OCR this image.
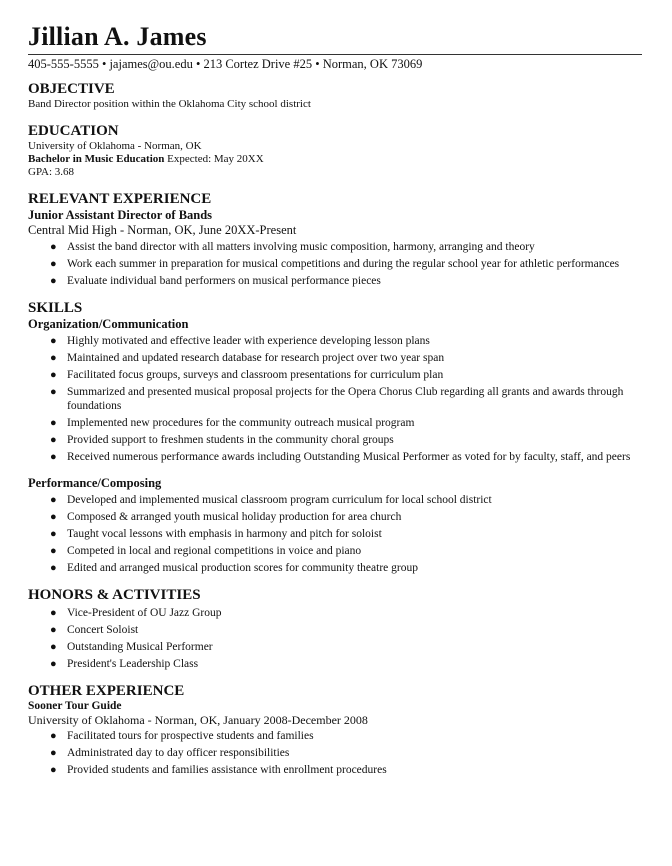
Jillian A. James
405-555-5555 • jajames@ou.edu • 213 Cortez Drive #25 • Norman, OK 73069
OBJECTIVE
Band Director position within the Oklahoma City school district
EDUCATION
University of Oklahoma - Norman, OK
Bachelor in Music Education Expected: May 20XX
GPA: 3.68
RELEVANT EXPERIENCE
Junior Assistant Director of Bands
Central Mid High - Norman, OK, June 20XX-Present
● Assist the band director with all matters involving music composition, harmony, arranging and theory
● Work each summer in preparation for musical competitions and during the regular school year for athletic performances
● Evaluate individual band performers on musical performance pieces
SKILLS
Organization/Communication
● Highly motivated and effective leader with experience developing lesson plans
● Maintained and updated research database for research project over two year span
● Facilitated focus groups, surveys and classroom presentations for curriculum plan
● Summarized and presented musical proposal projects for the Opera Chorus Club regarding all grants and awards through foundations
● Implemented new procedures for the community outreach musical program
● Provided support to freshmen students in the community choral groups
● Received numerous performance awards including Outstanding Musical Performer as voted for by faculty, staff, and peers
Performance/Composing
● Developed and implemented musical classroom program curriculum for local school district
● Composed & arranged youth musical holiday production for area church
● Taught vocal lessons with emphasis in harmony and pitch for soloist
● Competed in local and regional competitions in voice and piano
● Edited and arranged musical production scores for community theatre group
HONORS & ACTIVITIES
● Vice-President of OU Jazz Group
● Concert Soloist
● Outstanding Musical Performer
● President's Leadership Class
OTHER EXPERIENCE
Sooner Tour Guide
University of Oklahoma - Norman, OK, January 2008-December 2008
● Facilitated tours for prospective students and families
● Administrated day to day officer responsibilities
● Provided students and families assistance with enrollment procedures
